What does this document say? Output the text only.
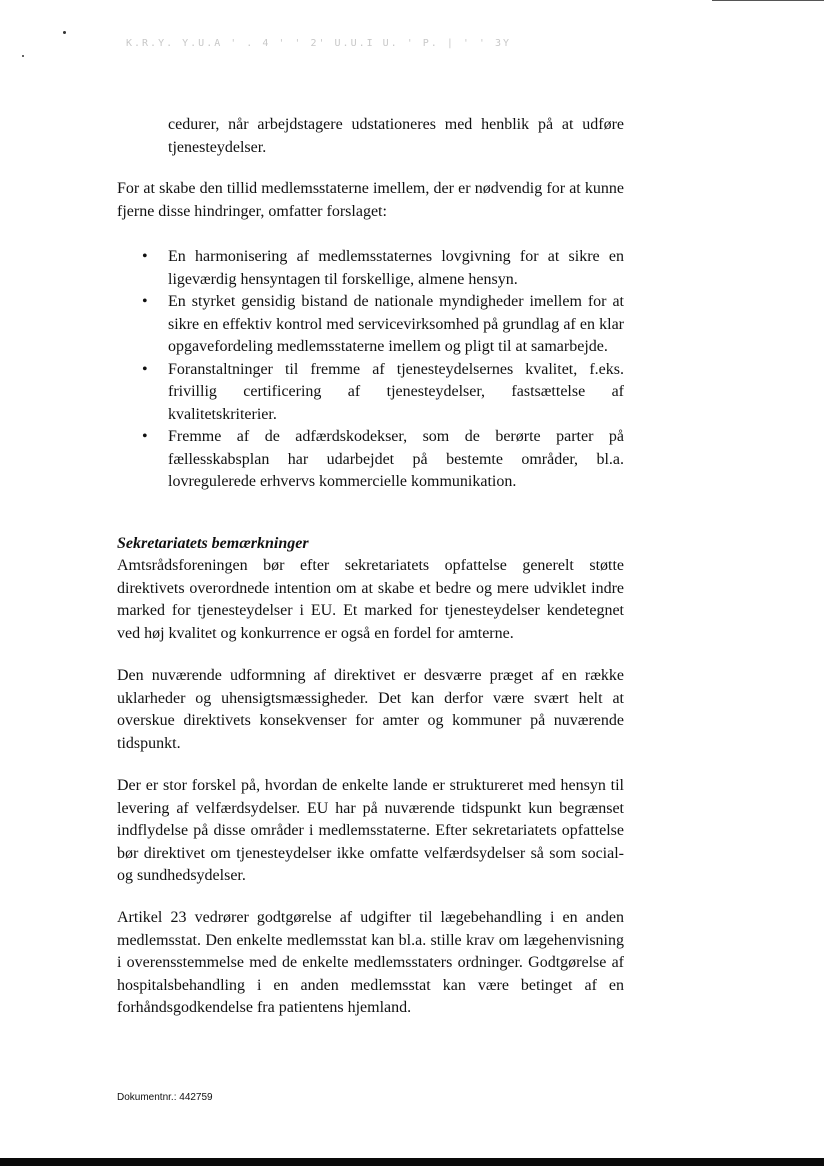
K.R.Y. Y.U.A ' . 4 ' ' 2' U.U.I U. ' P. | ' ' 3Y

cedurer, når arbejdstagere udstationeres med henblik på at udføre tjenesteydelser.

For at skabe den tillid medlemsstaterne imellem, der er nødvendig for at kunne fjerne disse hindringer, omfatter forslaget:

• En harmonisering af medlemsstaternes lovgivning for at sikre en ligeværdig hensyntagen til forskellige, almene hensyn.
• En styrket gensidig bistand de nationale myndigheder imellem for at sikre en effektiv kontrol med servicevirksomhed på grundlag af en klar opgavefordeling medlemsstaterne imellem og pligt til at samarbejde.
• Foranstaltninger til fremme af tjenesteydelsernes kvalitet, f.eks. frivillig certificering af tjenesteydelser, fastsættelse af kvalitetskriterier.
• Fremme af de adfærdskodekser, som de berørte parter på fællesskabsplan har udarbejdet på bestemte områder, bl.a. lovregulerede erhvervs kommercielle kommunikation.
Sekretariatets bemærkninger

Amtsrådsforeningen bør efter sekretariatets opfattelse generelt støtte direktivets overordnede intention om at skabe et bedre og mere udviklet indre marked for tjenesteydelser i EU. Et marked for tjenesteydelser kendetegnet ved høj kvalitet og konkurrence er også en fordel for amterne.

Den nuværende udformning af direktivet er desværre præget af en række uklarheder og uhensigtsmæssigheder. Det kan derfor være svært helt at overskue direktivets konsekvenser for amter og kommuner på nuværende tidspunkt.

Der er stor forskel på, hvordan de enkelte lande er struktureret med hensyn til levering af velfærdsydelser. EU har på nuværende tidspunkt kun begrænset indflydelse på disse områder i medlemsstaterne. Efter sekretariatets opfattelse bør direktivet om tjenesteydelser ikke omfatte velfærdsydelser så som social- og sundhedsydelser.

Artikel 23 vedrører godtgørelse af udgifter til lægebehandling i en anden medlemsstat. Den enkelte medlemsstat kan bl.a. stille krav om lægehenvisning i overensstemmelse med de enkelte medlemsstaters ordninger. Godtgørelse af hospitalsbehandling i en anden medlemsstat kan være betinget af en forhåndsgodkendelse fra patientens hjemland.

Dokumentnr.: 442759
